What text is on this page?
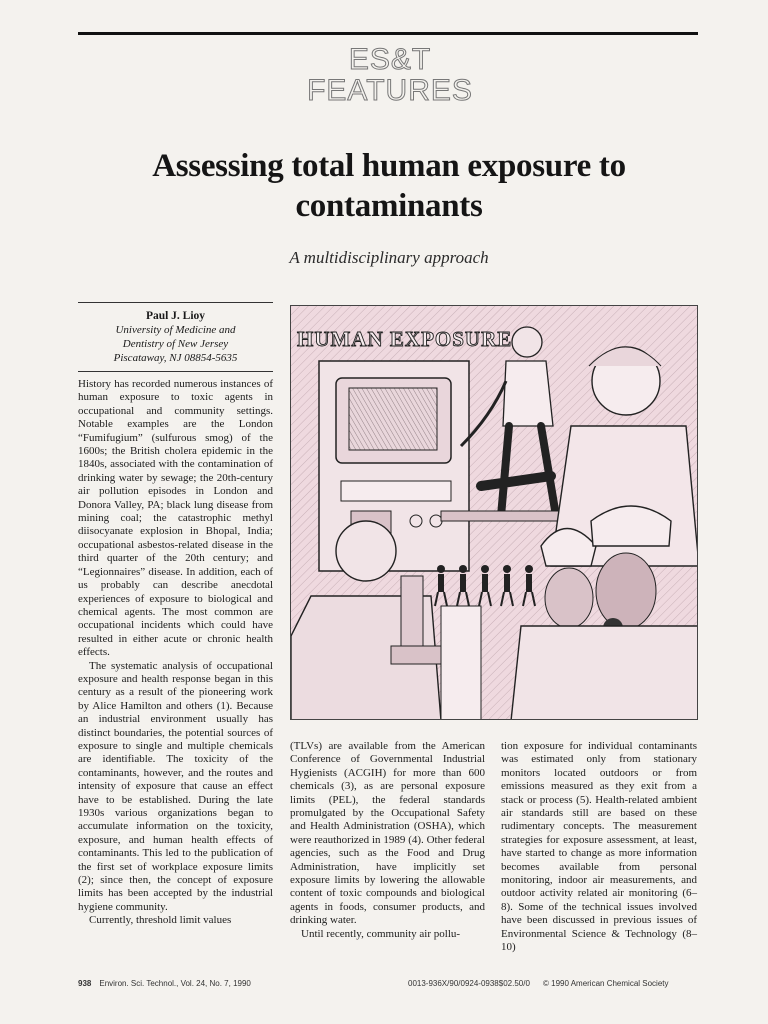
ES&T
FEATURES
Assessing total human exposure to contaminants
A multidisciplinary approach
Paul J. Lioy
University of Medicine and
Dentistry of New Jersey
Piscataway, NJ 08854-5635

History has recorded numerous instances of human exposure to toxic agents in occupational and community settings. Notable examples are the London “Fumifugium” (sulfurous smog) of the 1600s; the British cholera epidemic in the 1840s, associated with the contamination of drinking water by sewage; the 20th-century air pollution episodes in London and Donora Valley, PA; black lung disease from mining coal; the catastrophic methyl diisocyanate explosion in Bhopal, India; occupational asbestos-related disease in the third quarter of the 20th century; and “Legionnaires” disease. In addition, each of us probably can describe anecdotal experiences of exposure to biological and chemical agents. The most common are occupational incidents which could have resulted in either acute or chronic health effects.

The systematic analysis of occupational exposure and health response began in this century as a result of the pioneering work by Alice Hamilton and others (1). Because an industrial environment usually has distinct boundaries, the potential sources of exposure to single and multiple chemicals are identifiable. The toxicity of the contaminants, however, and the routes and intensity of exposure that cause an effect have to be established. During the late 1930s various organizations began to accumulate information on the toxicity, exposure, and human health effects of contaminants. This led to the publication of the first set of workplace exposure limits (2); since then, the concept of exposure limits has been accepted by the industrial hygiene community.

Currently, threshold limit values

HUMAN EXPOSURE

(TLVs) are available from the American Conference of Governmental Industrial Hygienists (ACGIH) for more than 600 chemicals (3), as are personal exposure limits (PEL), the federal standards promulgated by the Occupational Safety and Health Administration (OSHA), which were reauthorized in 1989 (4). Other federal agencies, such as the Food and Drug Administration, have implicitly set exposure limits by lowering the allowable content of toxic compounds and biological agents in foods, consumer products, and drinking water.

Until recently, community air pollu-

tion exposure for individual contaminants was estimated only from stationary monitors located outdoors or from emissions measured as they exit from a stack or process (5). Health-related ambient air standards still are based on these rudimentary concepts. The measurement strategies for exposure assessment, at least, have started to change as more information becomes available from personal monitoring, indoor air measurements, and outdoor activity related air monitoring (6–8). Some of the technical issues involved have been discussed in previous issues of Environmental Science & Technology (8–10)

938 Environ. Sci. Technol., Vol. 24, No. 7, 1990	0013-936X/90/0924-0938$02.50/0 © 1990 American Chemical Society
